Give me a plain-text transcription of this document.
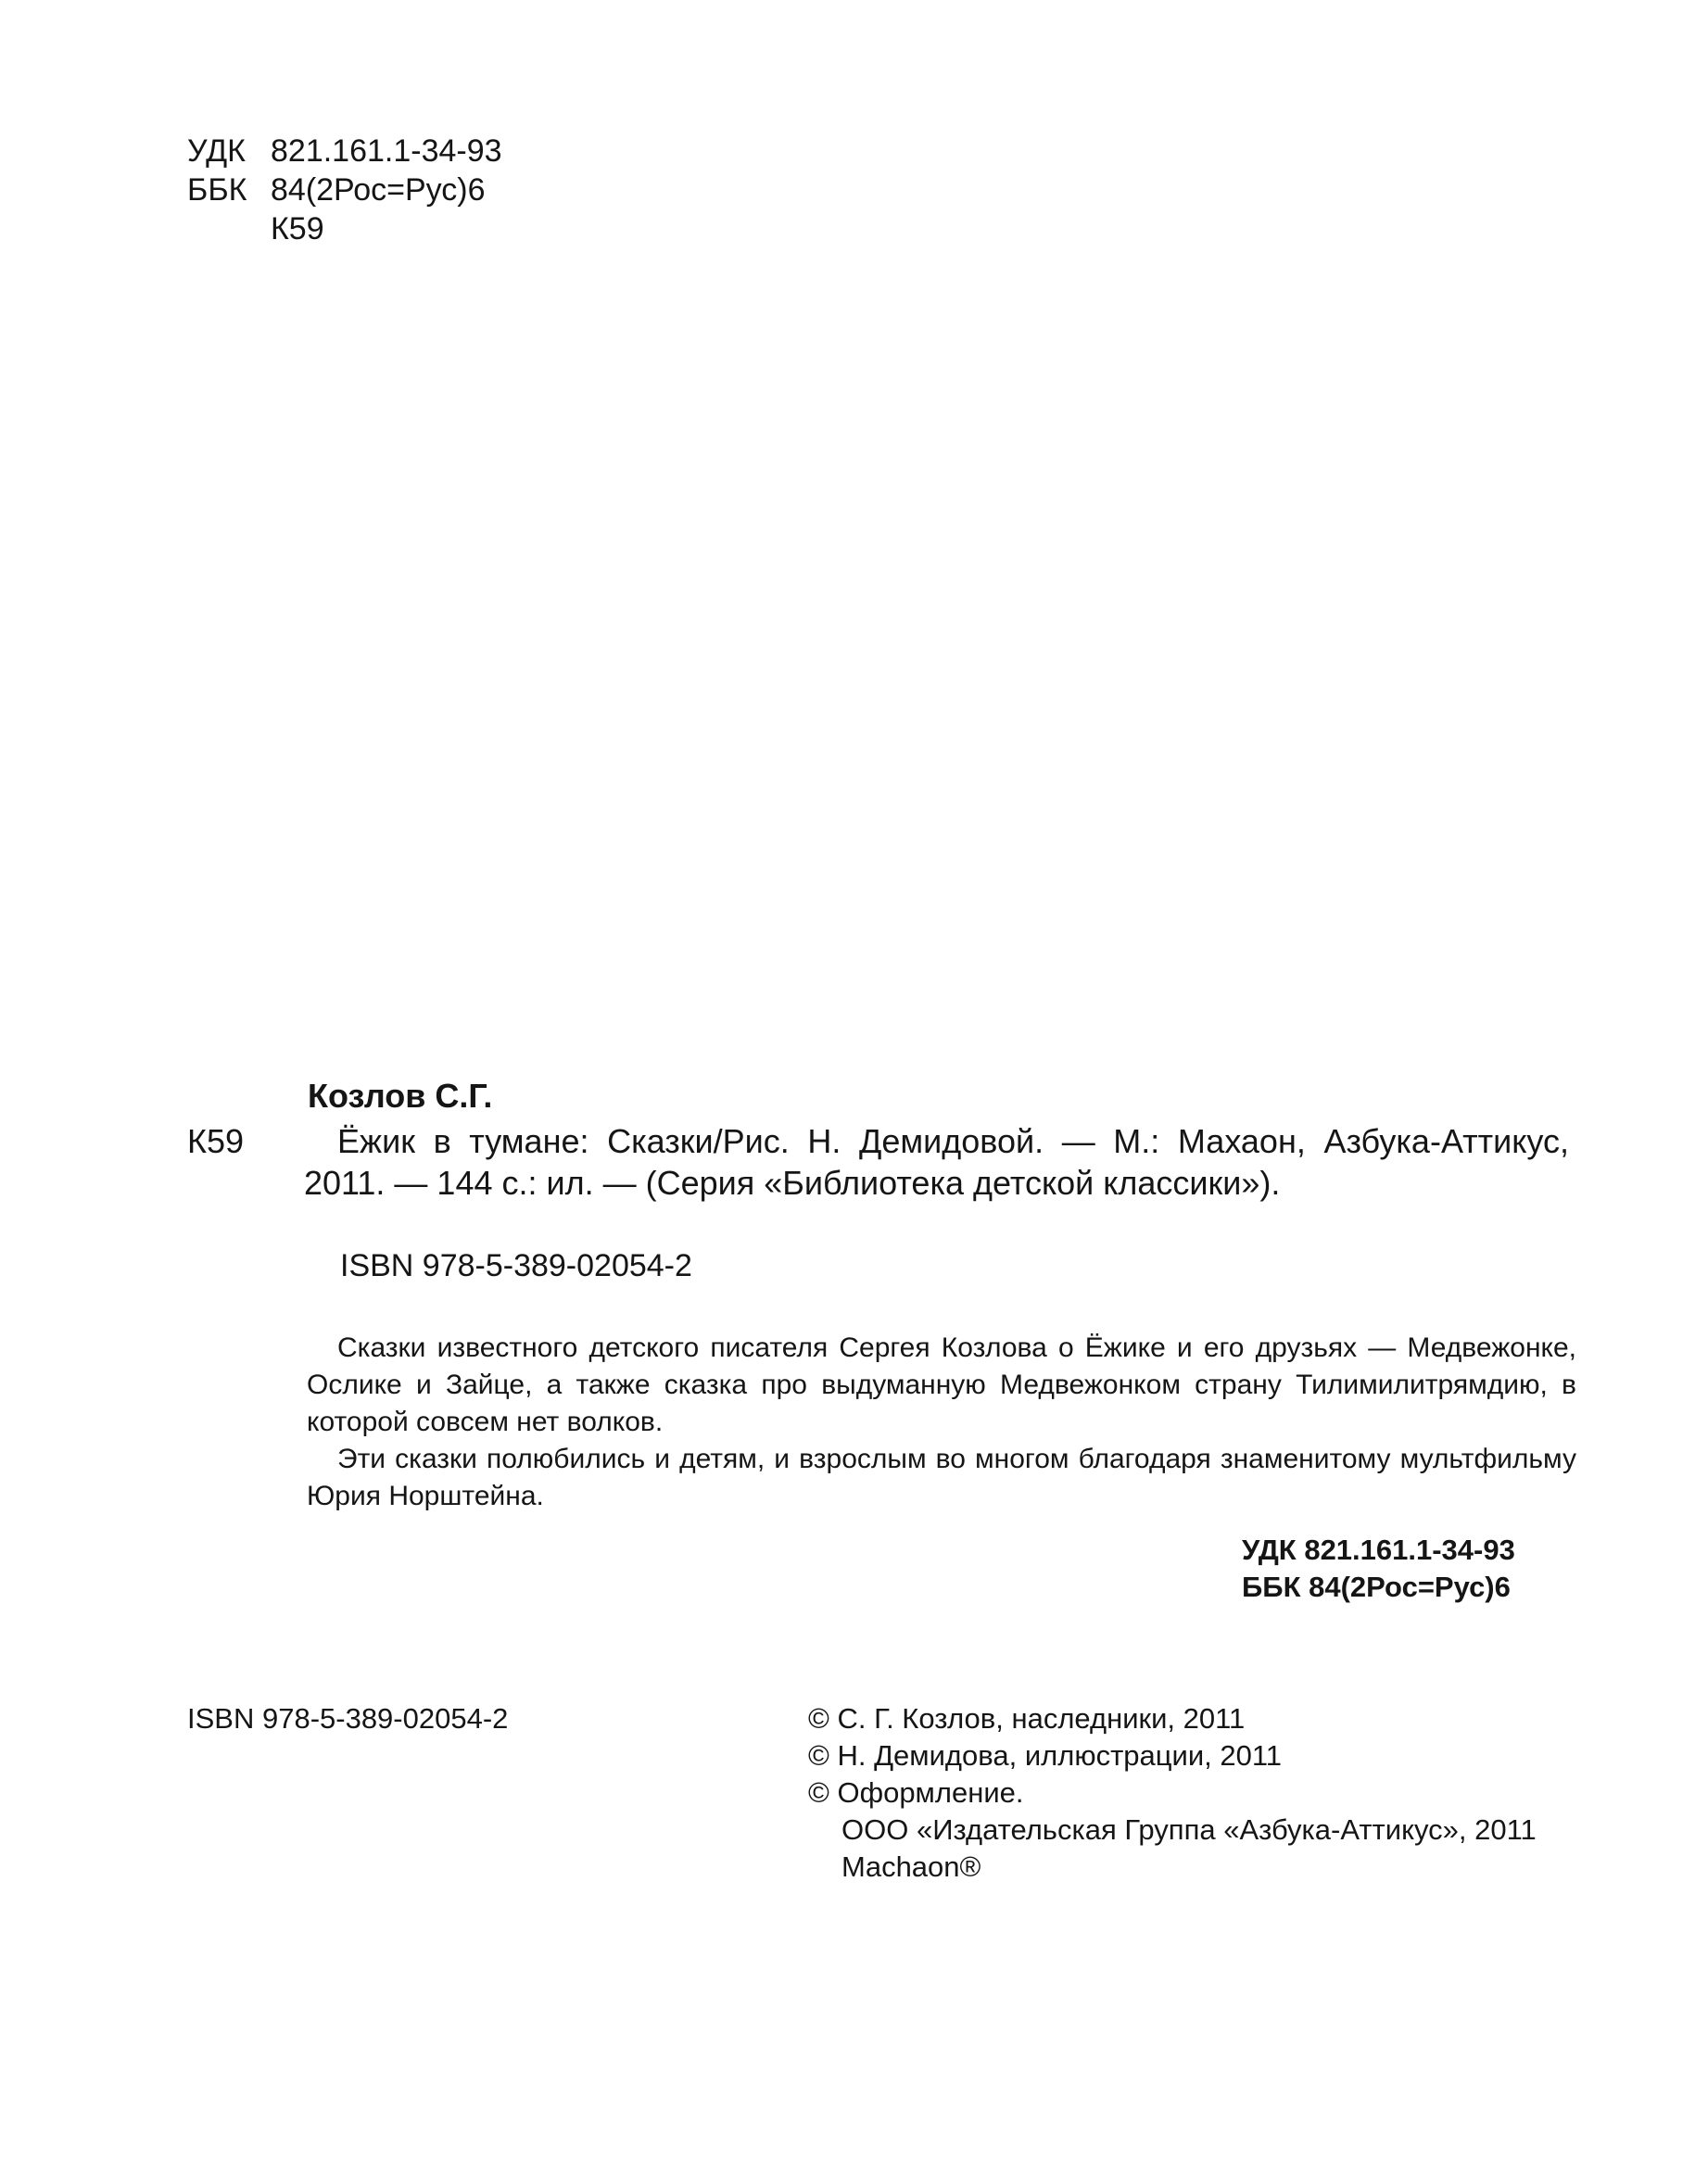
УДК 821.161.1-34-93
ББК 84(2Рос=Рус)6
К59
Козлов С.Г.
К59	Ёжик в тумане: Сказки/Рис. Н. Демидовой. — М.: Махаон, Азбука-Аттикус, 2011. — 144 с.: ил. — (Серия «Библиотека детской классики»).
ISBN 978-5-389-02054-2

Сказки известного детского писателя Сергея Козлова о Ёжике и его друзьях — Медвежонке, Ослике и Зайце, а также сказка про выдуманную Медвежонком страну Тилимилитрямдию, в которой совсем нет волков.

Эти сказки полюбились и детям, и взрослым во многом благодаря знаменитому мультфильму Юрия Норштейна.

УДК 821.161.1-34-93
ББК 84(2Рос=Рус)6
ISBN 978-5-389-02054-2	© С. Г. Козлов, наследники, 2011
© Н. Демидова, иллюстрации, 2011
© Оформление.
ООО «Издательская Группа «Азбука-Аттикус», 2011
Machaon®
